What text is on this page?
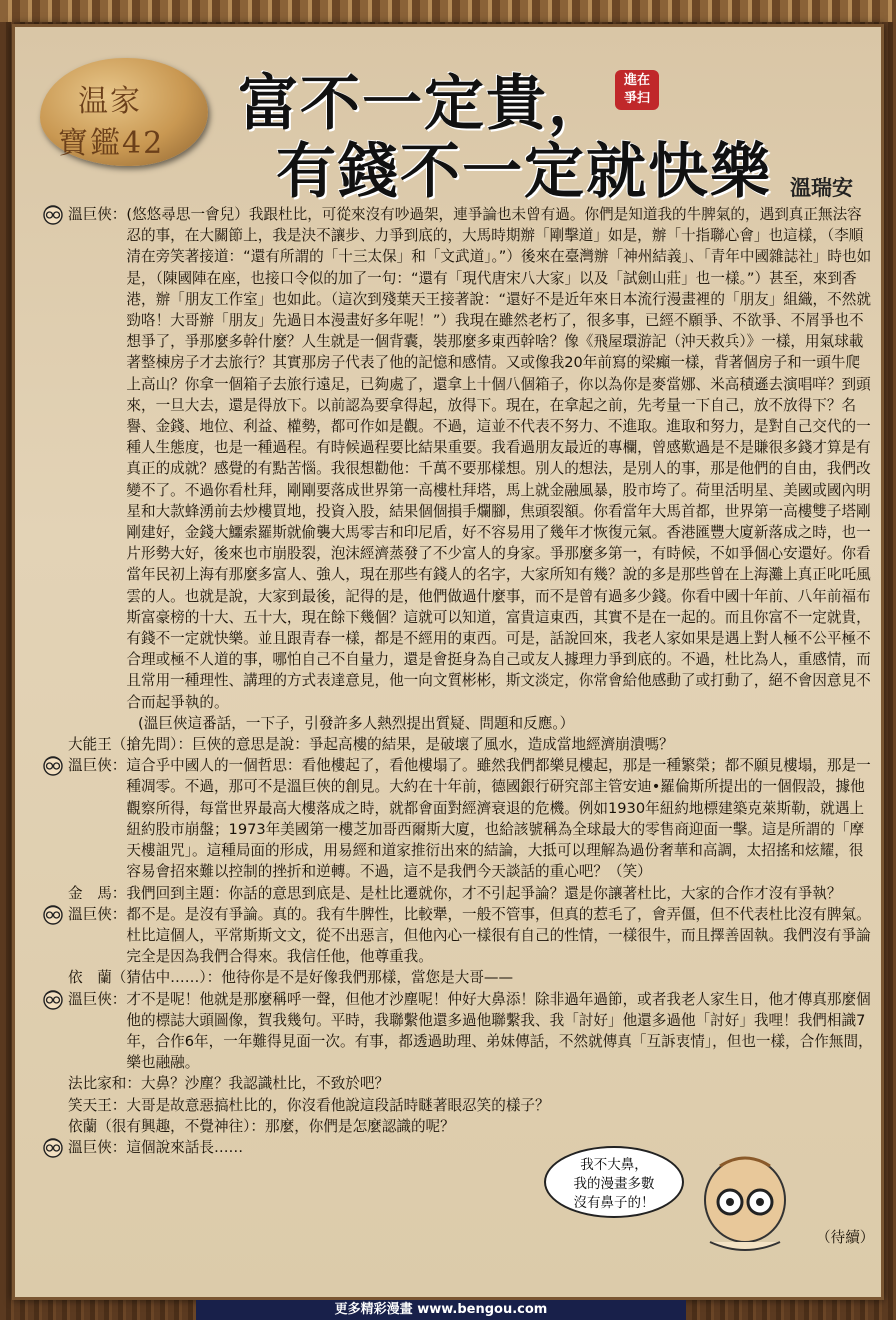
温家
寶鑑42
富不一定貴，
有錢不一定就快樂
進在
爭扫
溫瑞安
溫巨俠： (悠悠尋思一會兒）我跟杜比，可從來沒有吵過架，連爭論也未曾有過。你們是知道我的牛脾氣的，遇到真正無法容忍的事，在大關節上，我是決不讓步、力爭到底的，大馬時期辦「剛擊道」如是，辦「十指聯心會」也這樣，（李順清在旁笑著接道：“還有所謂的「十三太保」和「文武道」。”）後來在臺灣辦「神州結義」、「青年中國雜誌社」時也如是，（陳國陣在座，也接口令似的加了一句：“還有「現代唐宋八大家」以及「試劍山莊」也一樣。”）甚至，來到香港，辦「朋友工作室」也如此。（這次到殘葉天王接著說：“還好不是近年來日本流行漫畫裡的「朋友」組織，不然就勁咯！大哥辦「朋友」先過日本漫畫好多年呢！”）我現在雖然老朽了，很多事，已經不願爭、不欲爭、不屑爭也不想爭了，爭那麼多幹什麼？人生就是一個背囊，裝那麼多東西幹啥？像《飛屋環游記（沖天救兵）》一樣，用氣球載著整棟房子才去旅行？其實那房子代表了他的記憶和感情。又或像我20年前寫的梁癲一樣，背著個房子和一頭牛爬上高山？你拿一個箱子去旅行遠足，已夠處了，還拿上十個八個箱子，你以為你是麥當娜、米高積遜去演唱咩？到頭來，一旦大去，還是得放下。以前認為要拿得起，放得下。現在，在拿起之前，先考量一下自己，放不放得下？名譽、金錢、地位、利益、權勢，都可作如是觀。不過，這並不代表不努力、不進取。進取和努力，是對自己交代的一種人生態度，也是一種過程。有時候過程要比結果重要。我看過朋友最近的專欄，曾感歎過是不是賺很多錢才算是有真正的成就？感覺的有點苦惱。我很想勸他：千萬不要那樣想。別人的想法，是別人的事，那是他們的自由，我們改變不了。不過你看杜拜，剛剛要落成世界第一高樓杜拜塔，馬上就金融風暴，股市垮了。荷里活明星、美國或國內明星和大款蜂湧前去炒樓買地，投資入股，結果個個損手爛腳，焦頭裂額。你看當年大馬首都，世界第一高樓雙子塔剛剛建好，金錢大鱷索羅斯就偷襲大馬零吉和印尼盾，好不容易用了幾年才恢復元氣。香港匯豐大廈新落成之時，也一片形勢大好，後來也市崩股裂，泡沫經濟蒸發了不少富人的身家。爭那麼多第一，有時候，不如爭個心安還好。你看當年民初上海有那麼多富人、強人，現在那些有錢人的名字，大家所知有幾？說的多是那些曾在上海灘上真正叱吒風雲的人。也就是說，大家到最後，記得的是，他們做過什麼事，而不是曾有過多少錢。你看中國十年前、八年前福布斯富豪榜的十大、五十大，現在餘下幾個？這就可以知道，富貴這東西，其實不是在一起的。而且你富不一定就貴，有錢不一定就快樂。並且跟青春一樣，都是不經用的東西。可是，話說回來，我老人家如果是遇上對人極不公平極不合理或極不人道的事，哪怕自己不自量力，還是會挺身為自己或友人據理力爭到底的。不過，杜比為人，重感情，而且常用一種理性、講理的方式表達意見，他一向文質彬彬，斯文淡定，你常會給他感動了或打動了，絕不會因意見不合而起爭執的。
(溫巨俠這番話，一下子，引發許多人熱烈提出質疑、問題和反應。）
大能王（搶先問）： 巨俠的意思是說：爭起高樓的結果，是破壞了風水，造成當地經濟崩潰嗎？
溫巨俠： 這合乎中國人的一個哲思：看他樓起了，看他樓塌了。雖然我們都樂見樓起，那是一種繁榮；都不願見樓塌，那是一種凋零。不過，那可不是溫巨俠的創見。大約在十年前，德國銀行研究部主管安迪•羅倫斯所提出的一個假設，據他觀察所得，每當世界最高大樓落成之時，就都會面對經濟衰退的危機。例如1930年紐約地標建築克萊斯勒，就遇上紐約股市崩盤；1973年美國第一樓芝加哥西爾斯大廈，也給該號稱為全球最大的零售商迎面一擊。這是所謂的「摩天樓詛咒」。這種局面的形成，用易經和道家推衍出來的結論，大抵可以理解為過份奢華和高調，太招搖和炫耀，很容易會招來難以控制的挫折和逆轉。不過，這不是我們今天談話的重心吧？（笑）
金　馬： 我們回到主題：你話的意思到底是、是杜比遷就你，才不引起爭論？還是你讓著杜比，大家的合作才沒有爭執？
溫巨俠： 都不是。是沒有爭論。真的。我有牛脾性，比較犟，一般不管事，但真的惹毛了，會弄僵，但不代表杜比沒有脾氣。杜比這個人，平常斯斯文文，從不出惡言，但他內心一樣很有自己的性情，一樣很牛，而且擇善固執。我們沒有爭論完全是因為我們合得來。我信任他，他尊重我。
依　蘭（猜估中……）： 他待你是不是好像我們那樣，當您是大哥——
溫巨俠： 才不是呢！他就是那麼稱呼一聲，但他才沙塵呢！仲好大鼻添！除非過年過節，或者我老人家生日，他才傳真那麼個他的標誌大頭圖像，賀我幾句。平時，我聯繫他還多過他聯繫我、我「討好」他還多過他「討好」我哩！我們相識7年，合作6年，一年難得見面一次。有事，都透過助理、弟妹傳話，不然就傳真「互訴衷情」，但也一樣，合作無間，樂也融融。
法比家和： 大鼻？沙塵？我認識杜比，不致於吧？
笑天王： 大哥是故意惡搞杜比的，你沒看他說這段話時瞇著眼忍笑的樣子？
依蘭（很有興趣，不覺神往）： 那麼，你們是怎麼認識的呢？
溫巨俠： 這個說來話長……
我不大鼻，
我的漫畫多數
沒有鼻子的！
（待續）
更多精彩漫畫 www.bengou.com
